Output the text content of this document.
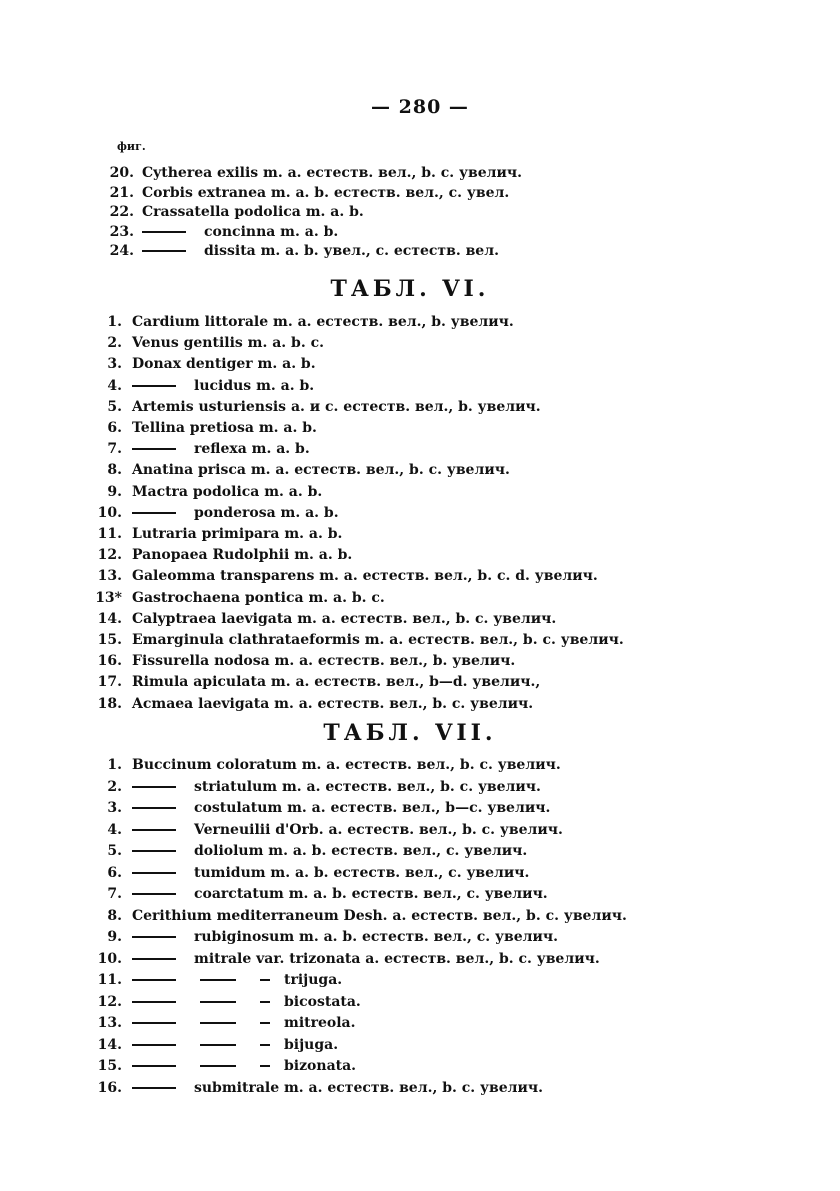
— 280 —
фиг.
20. Cytherea exilis m. a. естеств. вел., b. c. увелич.
21. Corbis extranea m. a. b. естеств. вел., c. увел.
22. Crassatella podolica m. a. b.
23.	concinna m. a. b.
24.	dissita m. a. b. увел., c. естеств. вел.
ТАБЛ. VI.
1. Cardium littorale m. a. естеств. вел., b. увелич.
2. Venus gentilis m. a. b. c.
3. Donax dentiger m. a. b.
4.	lucidus m. a. b.
5. Artemis usturiensis a. и c. естеств. вел., b. увелич.
6. Tellina pretiosa m. a. b.
7.	reflexa m. a. b.
8. Anatina prisca m. a. естеств. вел., b. c. увелич.
9. Mactra podolica m. a. b.
10.	ponderosa m. a. b.
11. Lutraria primipara m. a. b.
12. Panopaea Rudolphii m. a. b.
13. Galeomma transparens m. a. естеств. вел., b. c. d. увелич.
13* Gastrochaena pontica m. a. b. c.
14. Calyptraea laevigata m. a. естеств. вел., b. c. увелич.
15. Emarginula clathrataeformis m. a. естеств. вел., b. c. увелич.
16. Fissurella nodosa m. a. естеств. вел., b. увелич.
17. Rimula apiculata m. a. естеств. вел., b—d. увелич.,
18. Acmaea laevigata m. a. естеств. вел., b. c. увелич.
ТАБЛ. VII.
1. Buccinum coloratum m. a. естеств. вел., b. c. увелич.
2.	striatulum m. a. естеств. вел., b. c. увелич.
3.	costulatum m. a. естеств. вел., b—c. увелич.
4.	Verneuilii d'Orb. a. естеств. вел., b. c. увелич.
5.	doliolum m. a. b. естеств. вел., c. увелич.
6.	tumidum m. a. b. естеств. вел., c. увелич.
7.	coarctatum m. a. b. естеств. вел., c. увелич.
8. Cerithium mediterraneum Desh. a. естеств. вел., b. c. увелич.
9.	rubiginosum m. a. b. естеств. вел., c. увелич.
10.	mitrale var. trizonata a. естеств. вел., b. c. увелич.
11.	trijuga.
12.	bicostata.
13.	mitreola.
14.	bijuga.
15.	bizonata.
16.	submitrale m. a. естеств. вел., b. c. увелич.
